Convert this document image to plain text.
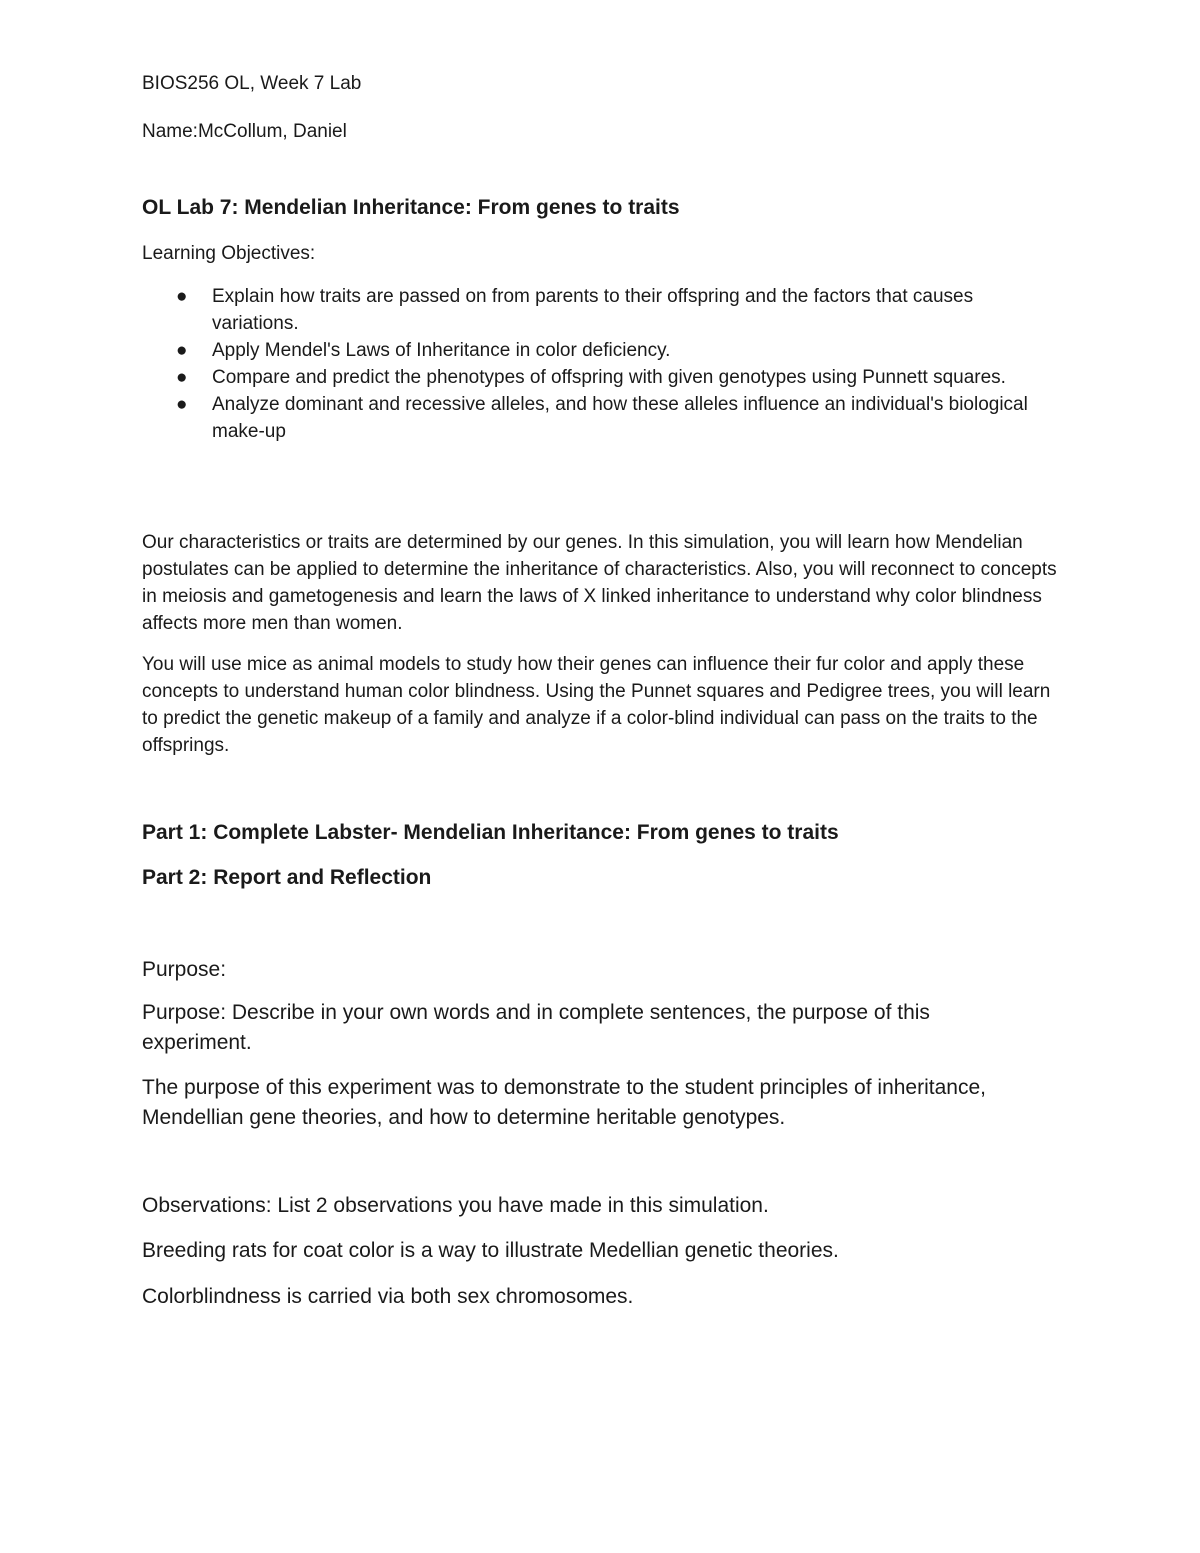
BIOS256 OL, Week 7 Lab

Name:McCollum, Daniel

OL Lab 7: Mendelian Inheritance: From genes to traits

Learning Objectives:

● Explain how traits are passed on from parents to their offspring and the factors that causes variations.
● Apply Mendel's Laws of Inheritance in color deficiency.
● Compare and predict the phenotypes of offspring with given genotypes using Punnett squares.
● Analyze dominant and recessive alleles, and how these alleles influence an individual's biological make-up

Our characteristics or traits are determined by our genes. In this simulation, you will learn how Mendelian postulates can be applied to determine the inheritance of characteristics. Also, you will reconnect to concepts in meiosis and gametogenesis and learn the laws of X linked inheritance to understand why color blindness affects more men than women.

You will use mice as animal models to study how their genes can influence their fur color and apply these concepts to understand human color blindness. Using the Punnet squares and Pedigree trees, you will learn to predict the genetic makeup of a family and analyze if a color-blind individual can pass on the traits to the offsprings.

Part 1: Complete Labster- Mendelian Inheritance: From genes to traits

Part 2: Report and Reflection

Purpose:

Purpose: Describe in your own words and in complete sentences, the purpose of this experiment.

The purpose of this experiment was to demonstrate to the student principles of inheritance, Mendellian gene theories, and how to determine heritable genotypes.

Observations: List 2 observations you have made in this simulation.

Breeding rats for coat color is a way to illustrate Medellian genetic theories.

Colorblindness is carried via both sex chromosomes.
